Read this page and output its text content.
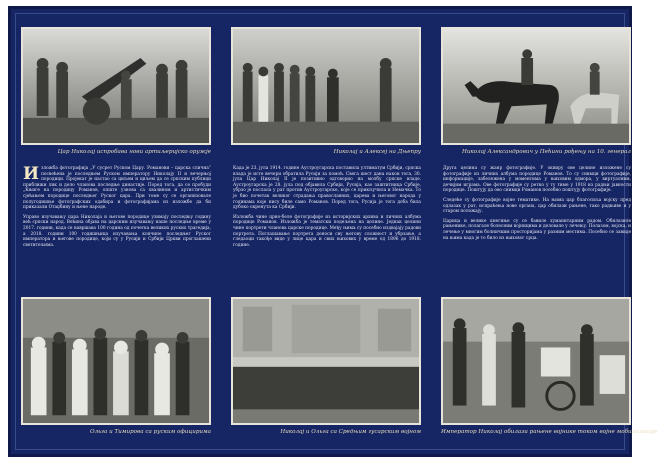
Цар Николај испробава нови артиљеријско оружје	Николај и Алексеј на Дњепру	Николај Александрович у Пећини рођењу на 10. генерал

Изложба фотографија „У сусрет Руском Цару. Романови – царска слична“ посвећена је последњем Руском императору Николају II и вечерњој породици. Пројекат је настао са циљем и циљем да се српским публици приближи лик и дело чланова последње династије. Поред тога, да се пробуди „Књиге на породицу Романов, опште узнова са хвалином и артистичким сјећањем породице последњег Руског цара. При томе су се организовале полугодишње фотографских одабира и фотографијама из изложбе да би приказали Отаџбину и њене народе.

Управо изучавању цара Николаја и његове породице узимају последњу годину већ српски народ. Већина објава на царским изучавању наше последње време у 2017. години, када се навршава 100 година од почетка великих руских трагедија, а 2018. години 100 годишњица изучавања кончине последњег Руског императора и његове породице, који су у Русији и Србији Цркви проглашени светитељима.

Када је 23. јула 1914. године Аустроугарска поставила ултиматум Србији, српска влада је исте вечери обратила Русији за помоћ. Свега шест дана након тога, 30. јула Цар Николај II је позитивно одговорио на молбу српске владе. Аустроугарска је 28. јула под објавила Србији, Русија, као заштитница Србије, убрзо је послала у рат против Аустроугарске, које се прикључила и Немачка. То је био почетак великог страдања православних, царева и његовог народа у годинама које нису биле само Романов. Поред тога, Русија је тога доба била дубоко окренута ка Србији.

Изложба чине црно-беле фотографије из историјских архива и личних албума породице Романов. Изложба је тематски подељена на целине. Једнак целини чине портрети чланова царске породице. Међу њима су посебно издвајају радови портрета. Поглашавање портрета доноси сву његову сложност и убрзање, а гледаоци такође виде у лице цара и свих њихових у време од 1896 до 1918. године.

Друга целина су жанр фотографије. У оквиру ове целине изложене су фотографије из личних албума породице Романов. То су снимци фотографије, информације, забележена у моментима у њиховим одмора, у виртуалним, дечијим играма. Ове фотографије су ретко у ту тиме у 1918 из радњи јавности породице. Поштују да ово снимци Романов посебно поштују фотографије.

Следеће су фотографије војне тематике. На њима цар благосиља војску пред одлазак у рат, испраћења нове органа, цар обилази рањене, тако радњиве и у старом положају.

Царица и велике кнегиње су се бавиле хуманитарним радом. Обилазиле рањенике, полагале болесним војницима и деловале у лечењу. Полазом, војска, и лечење у многим болничким просторијама у разним местима. Посебно се завиде на њима када је то било из њиховог срца.

Ольга и Тимирова са руским официрима	Николај и Ольга са Средњим гусарским војном	Император Николај обилази рањене војнике током војне мобилизације
